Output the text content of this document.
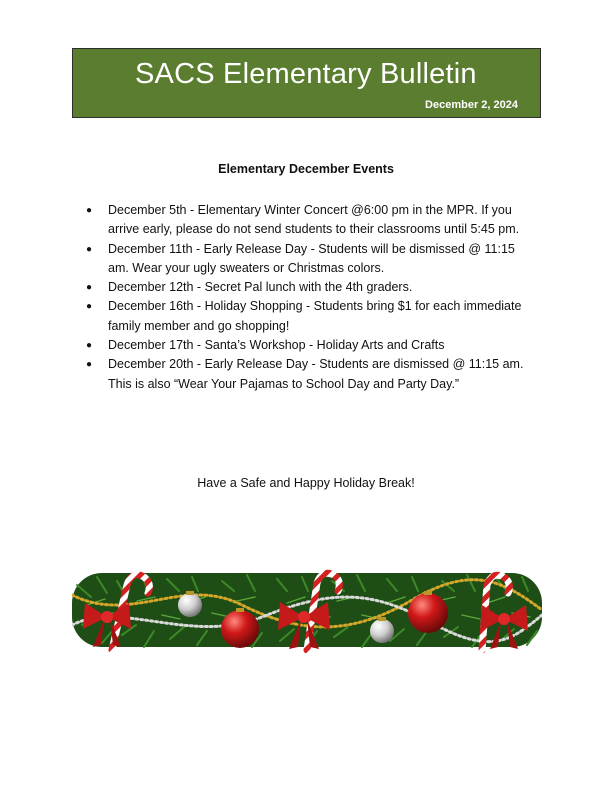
SACS Elementary Bulletin
December 2, 2024
Elementary December Events
● December 5th - Elementary Winter Concert @6:00 pm in the MPR. If you arrive early, please do not send students to their classrooms until 5:45 pm.
● December 11th - Early Release Day - Students will be dismissed @ 11:15 am. Wear your ugly sweaters or Christmas colors.
● December 12th - Secret Pal lunch with the 4th graders.
● December 16th - Holiday Shopping - Students bring $1 for each immediate family member and go shopping!
● December 17th - Santa’s Workshop - Holiday Arts and Crafts
● December 20th - Early Release Day - Students are dismissed @ 11:15 am. This is also “Wear Your Pajamas to School Day and Party Day.”
Have a Safe and Happy Holiday Break!
